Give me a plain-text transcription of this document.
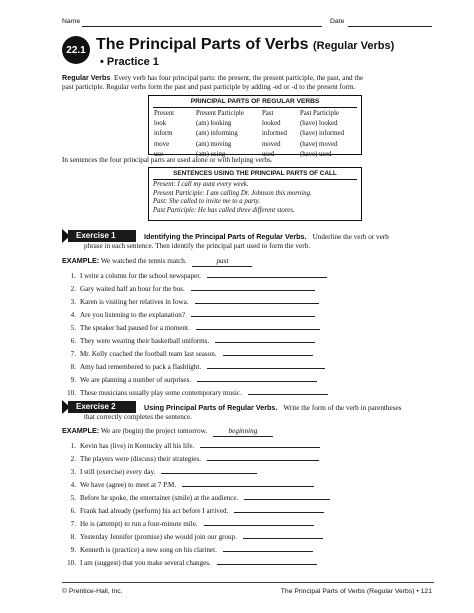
Name	Date
22.1 The Principal Parts of Verbs (Regular Verbs)
• Practice 1
Regular Verbs Every verb has four principal parts: the present, the present participle, the past, and the
past participle. Regular verbs form the past and past participle by adding -ed or -d to the present form.
PRINCIPAL PARTS OF REGULAR VERBS
Present	Present Participle	Past	Past Participle
look	(am) looking	looked	(have) looked
inform	(am) informing	informed	(have) informed
move	(am) moving	moved	(have) moved
use	(am) using	used	(have) used
In sentences the four principal parts are used alone or with helping verbs.
SENTENCES USING THE PRINCIPAL PARTS OF CALL
Present: I call my aunt every week.
Present Participle: I am calling Dr. Johnson this morning.
Past: She called to invite me to a party.
Past Participle: He has called three different stores.
Exercise 1	Identifying the Principal Parts of Regular Verbs. Underline the verb or verb
phrase in each sentence. Then identify the principal part used to form the verb.
EXAMPLE: We watched the tennis match.	past
1. I write a column for the school newspaper.
2. Gary waited half an hour for the bus.
3. Karen is visiting her relatives in Iowa.
4. Are you listening to the explanation?
5. The speaker had paused for a moment.
6. They were wearing their basketball uniforms.
7. Mr. Kelly coached the football team last season.
8. Amy had remembered to pack a flashlight.
9. We are planning a number of surprises.
10. These musicians usually play some contemporary music.
Exercise 2	Using Principal Parts of Regular Verbs. Write the form of the verb in parentheses
that correctly completes the sentence.
EXAMPLE: We are (begin) the project tomorrow.	beginning
1. Kevin has (live) in Kentucky all his life.
2. The players were (discuss) their strategies.
3. I still (exercise) every day.
4. We have (agree) to meet at 7 P.M.
5. Before he spoke, the entertainer (smile) at the audience.
6. Frank had already (perform) his act before I arrived.
7. He is (attempt) to run a four-minute mile.
8. Yesterday Jennifer (promise) she would join our group.
9. Kenneth is (practice) a new song on his clarinet.
10. I am (suggest) that you make several changes.
© Prentice-Hall, Inc.	The Principal Parts of Verbs (Regular Verbs) • 121
